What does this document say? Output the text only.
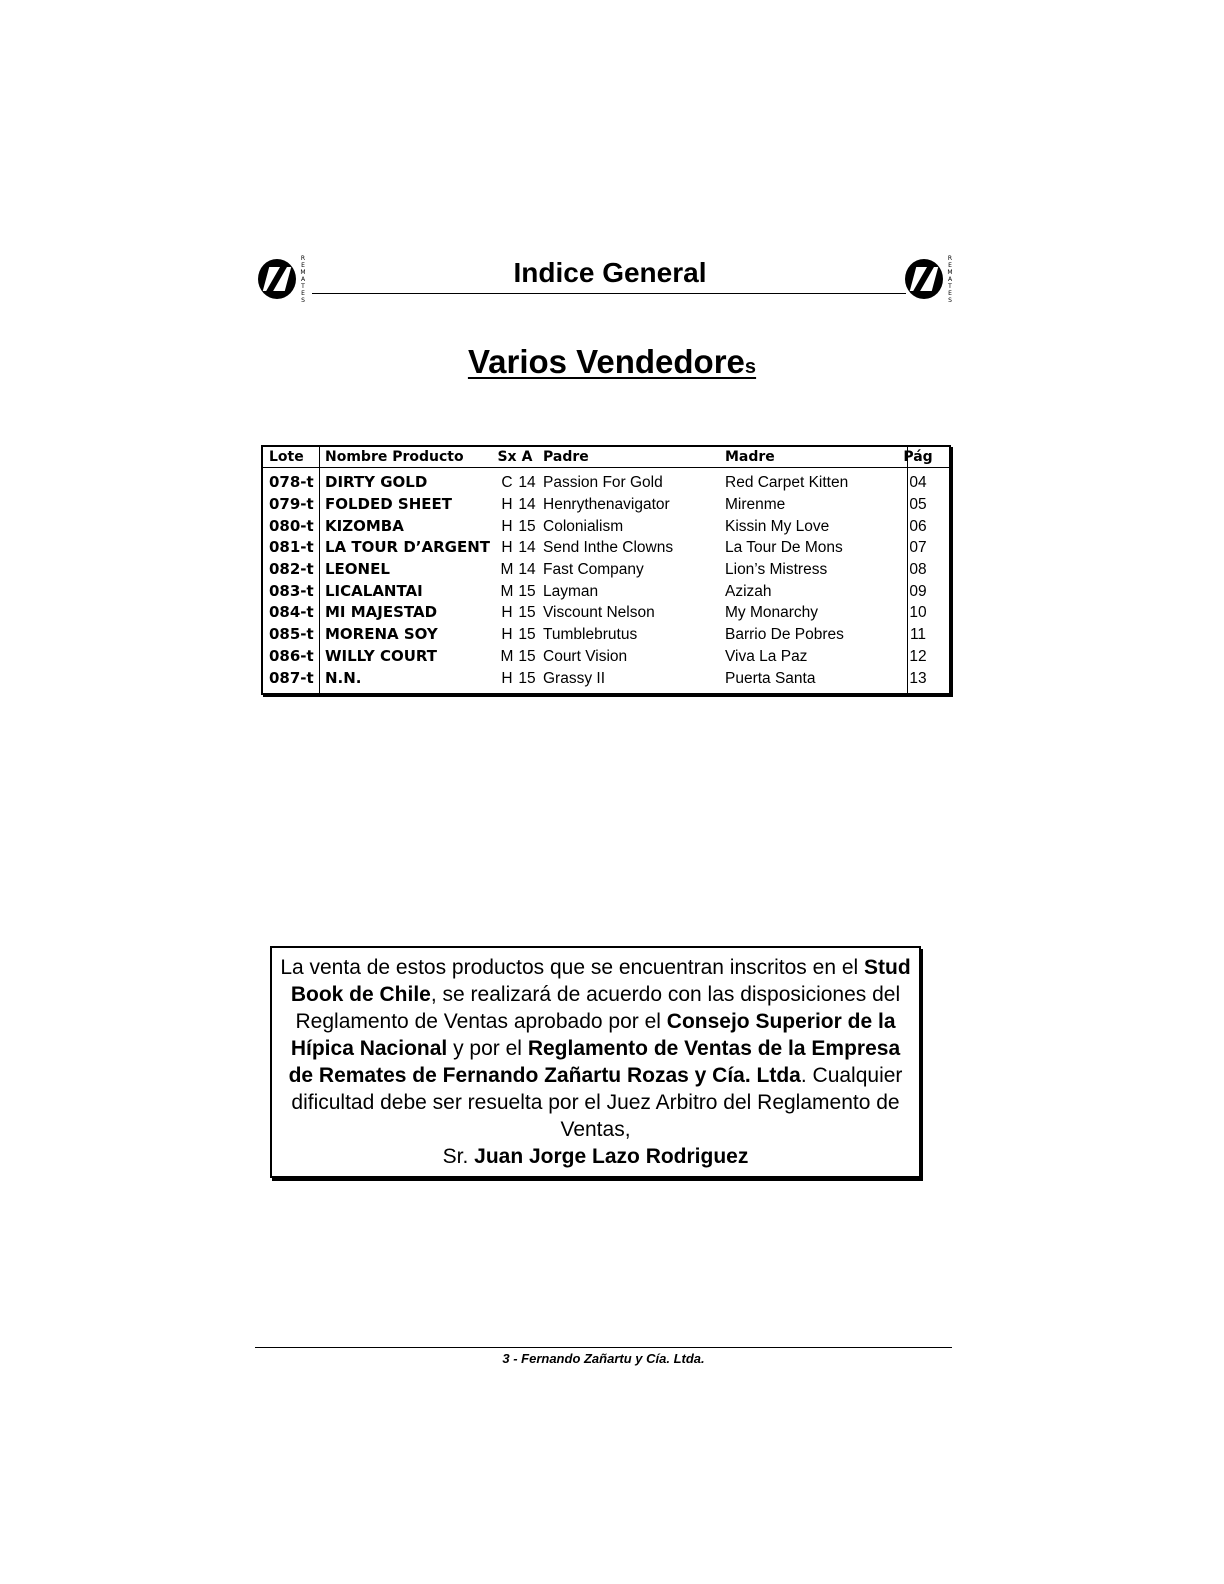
R
E
M
A
T
E
S
Indice General	R
E
M
A
T
E
S
Varios Vendedores
Lote	Nombre Producto	Sx	A	Padre	Madre	Pág
078-t	DIRTY GOLD	C	14	Passion For Gold	Red Carpet Kitten	04
079-t	FOLDED SHEET	H	14	Henrythenavigator	Mirenme	05
080-t	KIZOMBA	H	15	Colonialism	Kissin My Love	06
081-t	LA TOUR D’ARGENT	H	14	Send Inthe Clowns	La Tour De Mons	07
082-t	LEONEL	M	14	Fast Company	Lion’s Mistress	08
083-t	LICALANTAI	M	15	Layman	Azizah	09
084-t	MI MAJESTAD	H	15	Viscount Nelson	My Monarchy	10
085-t	MORENA SOY	H	15	Tumblebrutus	Barrio De Pobres	11
086-t	WILLY COURT	M	15	Court Vision	Viva La Paz	12
087-t	N.N.	H	15	Grassy II	Puerta Santa	13
La venta de estos productos que se encuentran inscritos en el Stud Book de Chile, se realizará de acuerdo con las disposiciones del Reglamento de Ventas aprobado por el Consejo Superior de la Hípica Nacional y por el Reglamento de Ventas de la Empresa de Remates de Fernando Zañartu Rozas y Cía. Ltda. Cualquier dificultad debe ser resuelta por el Juez Arbitro del Reglamento de Ventas,
Sr. Juan Jorge Lazo Rodriguez
3 - Fernando Zañartu y Cía. Ltda.
